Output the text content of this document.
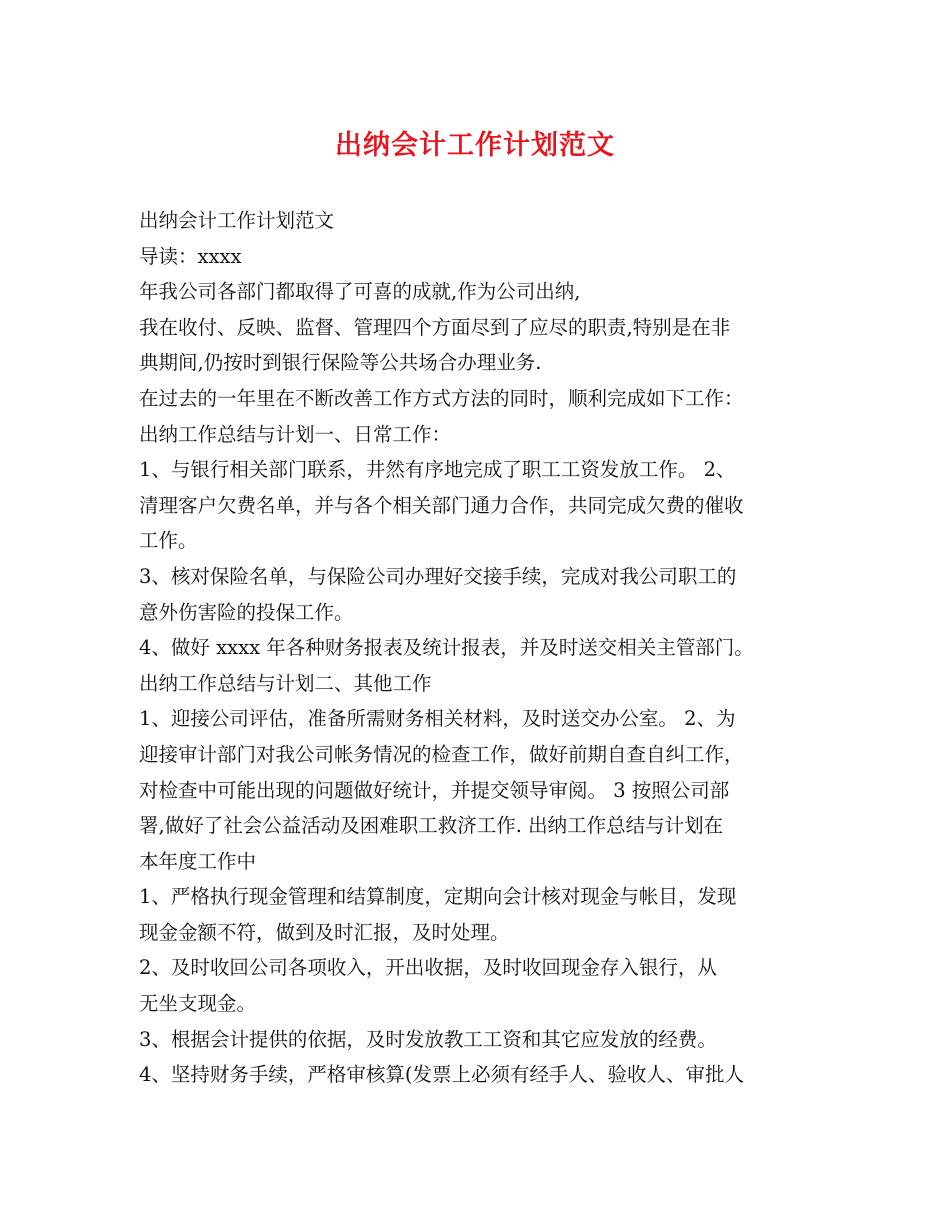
出纳会计工作计划范文
出纳会计工作计划范文
导读：xxxx
年我公司各部门都取得了可喜的成就,作为公司出纳,
我在收付、反映、监督、管理四个方面尽到了应尽的职责,特别是在非
典期间,仍按时到银行保险等公共场合办理业务.
在过去的一年里在不断改善工作方式方法的同时，顺利完成如下工作：
出纳工作总结与计划一、日常工作：
1、与银行相关部门联系，井然有序地完成了职工工资发放工作。 2、
清理客户欠费名单，并与各个相关部门通力合作，共同完成欠费的催收
工作。
3、核对保险名单，与保险公司办理好交接手续，完成对我公司职工的
意外伤害险的投保工作。
4、做好 xxxx 年各种财务报表及统计报表，并及时送交相关主管部门。
出纳工作总结与计划二、其他工作
1、迎接公司评估，准备所需财务相关材料，及时送交办公室。 2、为
迎接审计部门对我公司帐务情况的检查工作，做好前期自查自纠工作，
对检查中可能出现的问题做好统计，并提交领导审阅。 3 按照公司部
署,做好了社会公益活动及困难职工救济工作. 出纳工作总结与计划在
本年度工作中
1、严格执行现金管理和结算制度，定期向会计核对现金与帐目，发现
现金金额不符，做到及时汇报，及时处理。
2、及时收回公司各项收入，开出收据，及时收回现金存入银行，从
无坐支现金。
3、根据会计提供的依据，及时发放教工工资和其它应发放的经费。
4、坚持财务手续，严格审核算(发票上必须有经手人、验收人、审批人
